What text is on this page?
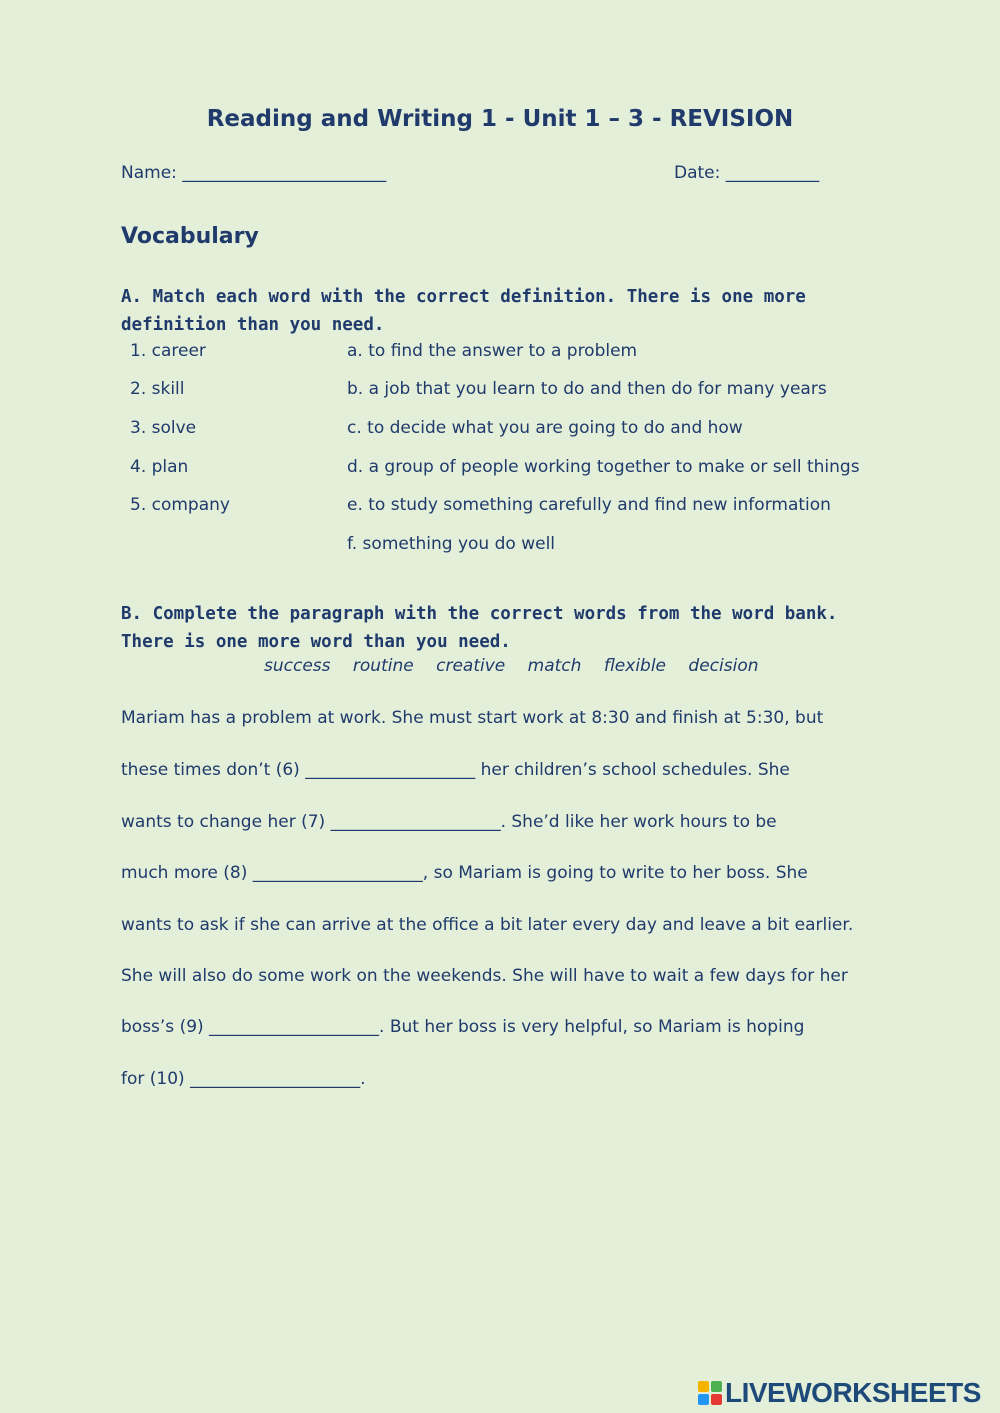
Reading and Writing 1 - Unit 1 – 3 - REVISION
Name: ________________________	Date: ___________
Vocabulary
A. Match each word with the correct definition. There is one more
definition than you need.
1. career	a. to find the answer to a problem
2. skill	b. a job that you learn to do and then do for many years
3. solve	c. to decide what you are going to do and how
4. plan	d. a group of people working together to make or sell things
5. company	e. to study something carefully and find new information
f. something you do well
B. Complete the paragraph with the correct words from the word bank.
There is one more word than you need.
success routine creative match flexible decision
Mariam has a problem at work. She must start work at 8:30 and finish at 5:30, but
these times don’t (6) ____________________ her children’s school schedules. She
wants to change her (7) ____________________. She’d like her work hours to be
much more (8) ____________________, so Mariam is going to write to her boss. She
wants to ask if she can arrive at the office a bit later every day and leave a bit earlier.
She will also do some work on the weekends. She will have to wait a few days for her
boss’s (9) ____________________. But her boss is very helpful, so Mariam is hoping
for (10) ____________________.
LIVEWORKSHEETS
